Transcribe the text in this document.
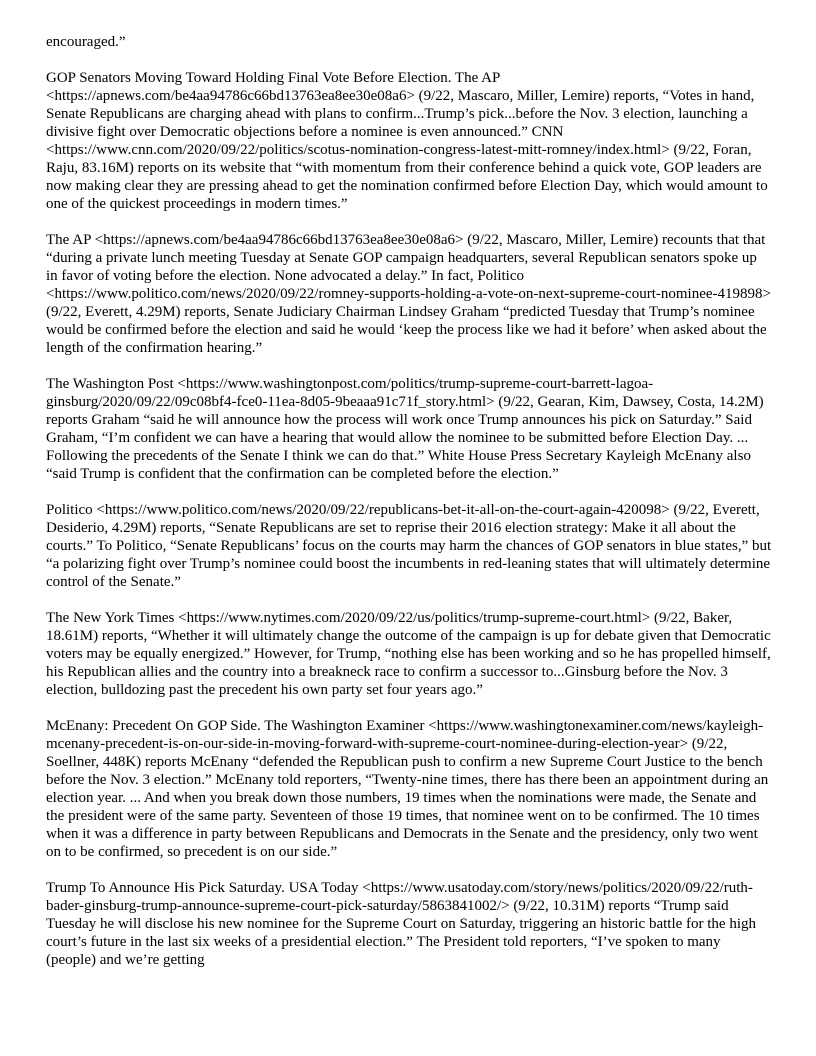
encouraged.”

GOP Senators Moving Toward Holding Final Vote Before Election. The AP <https://apnews.com/be4aa94786c66bd13763ea8ee30e08a6> (9/22, Mascaro, Miller, Lemire) reports, “Votes in hand, Senate Republicans are charging ahead with plans to confirm...Trump’s pick...before the Nov. 3 election, launching a divisive fight over Democratic objections before a nominee is even announced.” CNN <https://www.cnn.com/2020/09/22/politics/scotus-nomination-congress-latest-mitt-romney/index.html> (9/22, Foran, Raju, 83.16M) reports on its website that “with momentum from their conference behind a quick vote, GOP leaders are now making clear they are pressing ahead to get the nomination confirmed before Election Day, which would amount to one of the quickest proceedings in modern times.”

The AP <https://apnews.com/be4aa94786c66bd13763ea8ee30e08a6> (9/22, Mascaro, Miller, Lemire) recounts that that “during a private lunch meeting Tuesday at Senate GOP campaign headquarters, several Republican senators spoke up in favor of voting before the election. None advocated a delay.” In fact, Politico <https://www.politico.com/news/2020/09/22/romney-supports-holding-a-vote-on-next-supreme-court-nominee-419898> (9/22, Everett, 4.29M) reports, Senate Judiciary Chairman Lindsey Graham “predicted Tuesday that Trump’s nominee would be confirmed before the election and said he would ‘keep the process like we had it before’ when asked about the length of the confirmation hearing.”

The Washington Post <https://www.washingtonpost.com/politics/trump-supreme-court-barrett-lagoa-ginsburg/2020/09/22/09c08bf4-fce0-11ea-8d05-9beaaa91c71f_story.html> (9/22, Gearan, Kim, Dawsey, Costa, 14.2M) reports Graham “said he will announce how the process will work once Trump announces his pick on Saturday.” Said Graham, “I’m confident we can have a hearing that would allow the nominee to be submitted before Election Day. ... Following the precedents of the Senate I think we can do that.” White House Press Secretary Kayleigh McEnany also “said Trump is confident that the confirmation can be completed before the election.”

Politico <https://www.politico.com/news/2020/09/22/republicans-bet-it-all-on-the-court-again-420098> (9/22, Everett, Desiderio, 4.29M) reports, “Senate Republicans are set to reprise their 2016 election strategy: Make it all about the courts.” To Politico, “Senate Republicans’ focus on the courts may harm the chances of GOP senators in blue states,” but “a polarizing fight over Trump’s nominee could boost the incumbents in red-leaning states that will ultimately determine control of the Senate.”

The New York Times <https://www.nytimes.com/2020/09/22/us/politics/trump-supreme-court.html> (9/22, Baker, 18.61M) reports, “Whether it will ultimately change the outcome of the campaign is up for debate given that Democratic voters may be equally energized.” However, for Trump, “nothing else has been working and so he has propelled himself, his Republican allies and the country into a breakneck race to confirm a successor to...Ginsburg before the Nov. 3 election, bulldozing past the precedent his own party set four years ago.”

McEnany: Precedent On GOP Side. The Washington Examiner <https://www.washingtonexaminer.com/news/kayleigh-mcenany-precedent-is-on-our-side-in-moving-forward-with-supreme-court-nominee-during-election-year> (9/22, Soellner, 448K) reports McEnany “defended the Republican push to confirm a new Supreme Court Justice to the bench before the Nov. 3 election.” McEnany told reporters, “Twenty-nine times, there has there been an appointment during an election year. ... And when you break down those numbers, 19 times when the nominations were made, the Senate and the president were of the same party. Seventeen of those 19 times, that nominee went on to be confirmed. The 10 times when it was a difference in party between Republicans and Democrats in the Senate and the presidency, only two went on to be confirmed, so precedent is on our side.”

Trump To Announce His Pick Saturday. USA Today <https://www.usatoday.com/story/news/politics/2020/09/22/ruth-bader-ginsburg-trump-announce-supreme-court-pick-saturday/5863841002/> (9/22, 10.31M) reports “Trump said Tuesday he will disclose his new nominee for the Supreme Court on Saturday, triggering an historic battle for the high court’s future in the last six weeks of a presidential election.” The President told reporters, “I’ve spoken to many (people) and we’re getting
